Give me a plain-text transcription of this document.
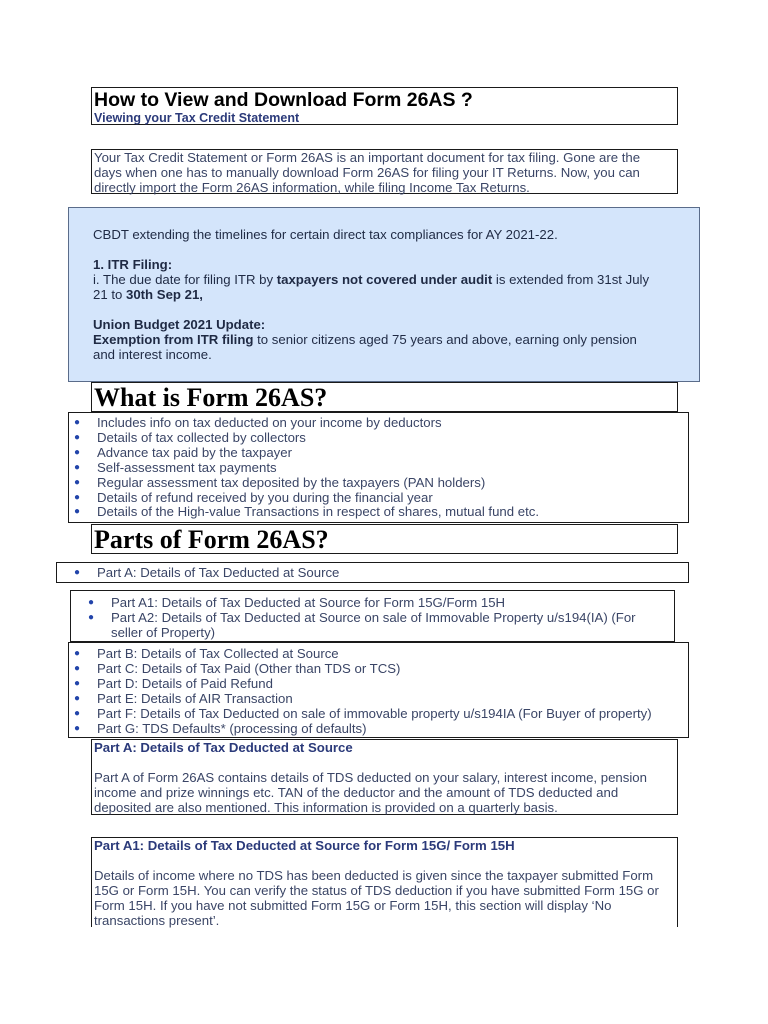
How to View and Download Form 26AS ?
Viewing your Tax Credit Statement
Your Tax Credit Statement or Form 26AS is an important document for tax filing. Gone are the
days when one has to manually download Form 26AS for filing your IT Returns. Now, you can
directly import the Form 26AS information, while filing Income Tax Returns.

CBDT extending the timelines for certain direct tax compliances for AY 2021-22.

1. ITR Filing:

i. The due date for filing ITR by taxpayers not covered under audit is extended from 31st July

21 to 30th Sep 21,

Union Budget 2021 Update:

Exemption from ITR filing to senior citizens aged 75 years and above, earning only pension

and interest income.

What is Form 26AS?
● Includes info on tax deducted on your income by deductors
● Details of tax collected by collectors
● Advance tax paid by the taxpayer
● Self-assessment tax payments
● Regular assessment tax deposited by the taxpayers (PAN holders)
● Details of refund received by you during the financial year
● Details of the High-value Transactions in respect of shares, mutual fund etc.
Parts of Form 26AS?
● Part A: Details of Tax Deducted at Source
● Part A1: Details of Tax Deducted at Source for Form 15G/Form 15H
● Part A2: Details of Tax Deducted at Source on sale of Immovable Property u/s194(IA) (For
seller of Property)
● Part B: Details of Tax Collected at Source
● Part C: Details of Tax Paid (Other than TDS or TCS)
● Part D: Details of Paid Refund
● Part E: Details of AIR Transaction
● Part F: Details of Tax Deducted on sale of immovable property u/s194IA (For Buyer of property)
● Part G: TDS Defaults* (processing of defaults)

Part A: Details of Tax Deducted at Source

Part A of Form 26AS contains details of TDS deducted on your salary, interest income, pension

income and prize winnings etc. TAN of the deductor and the amount of TDS deducted and

deposited are also mentioned. This information is provided on a quarterly basis.

Part A1: Details of Tax Deducted at Source for Form 15G/ Form 15H

Details of income where no TDS has been deducted is given since the taxpayer submitted Form

15G or Form 15H. You can verify the status of TDS deduction if you have submitted Form 15G or

Form 15H. If you have not submitted Form 15G or Form 15H, this section will display ‘No

transactions present’.
